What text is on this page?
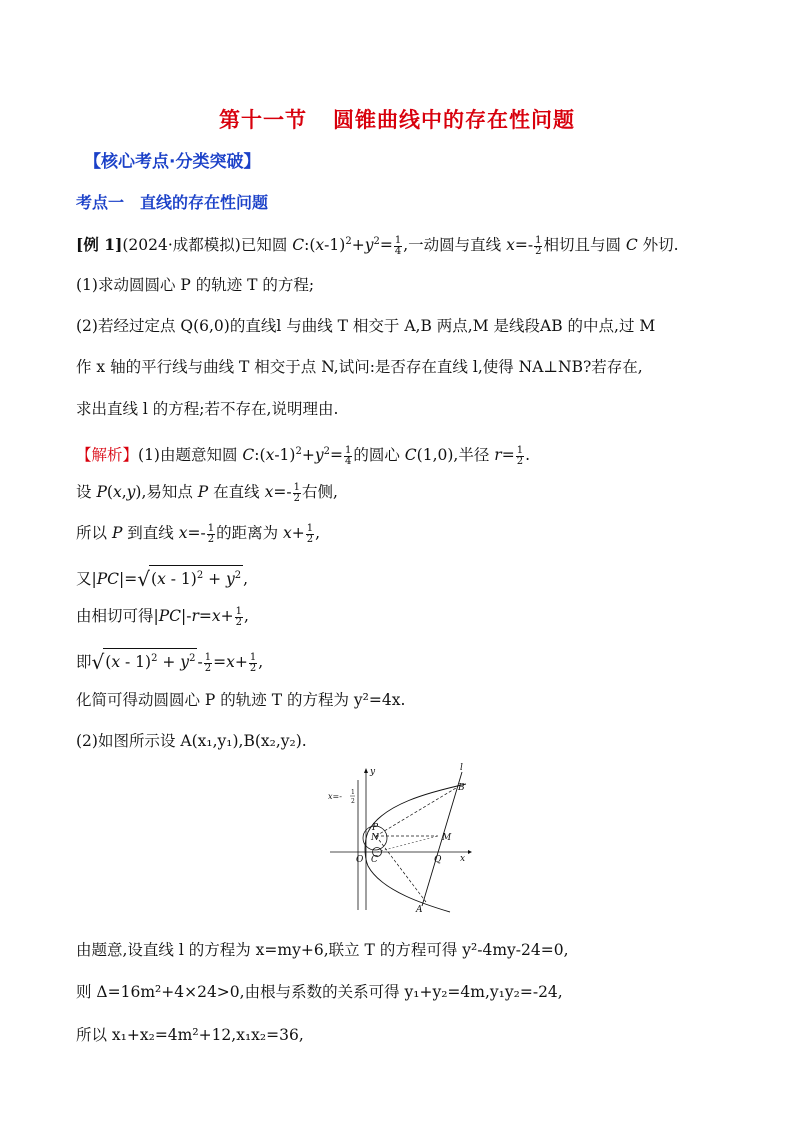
第十一节 圆锥曲线中的存在性问题
【核心考点·分类突破】
考点一 直线的存在性问题
[例 1](2024·成都模拟)已知圆 $C:(x-1)^2+y^2= \frac{1}{4}$ ,一动圆与直线 $x=- \frac{1}{2}$ 相切且与圆 C 外切.
(1)求动圆圆心 P 的轨迹 T 的方程;
(2)若经过定点 Q(6,0)的直线l 与曲线 T 相交于 A,B 两点,M 是线段AB 的中点,过 M
作 x 轴的平行线与曲线 T 相交于点 N,试问:是否存在直线 l,使得 NA⊥NB?若存在,
求出直线 l 的方程;若不存在,说明理由.
【解析】(1)由题意知圆 $C:(x-1)^2+y^2= \frac{1}{4}$ 的圆心 C(1,0),半径 $r= \frac{1}{2}$ .
设 P(x,y),易知点 P 在直线 $x=- \frac{1}{2}$ 右侧,
所以 P 到直线 $x=- \frac{1}{2}$ 的距离为 $x+ \frac{1}{2}$ ,
又$|PC|=√(x - 1)^2 + y^2$ ,
由相切可得$|PC|-r=x+ \frac{1}{2}$ ,
即$√(x - 1)^2 + y^2 - \frac{1}{2} =x+ \frac{1}{2}$ ,
化简可得动圆圆心 P 的轨迹 T 的方程为 y²=4x.
(2)如图所示设 A(x₁,y₁),B(x₂,y₂).
x
y
x=- 1
2
l
O C	Q
M
N
P
B
A
由题意,设直线 l 的方程为 x=my+6,联立 T 的方程可得 y²-4my-24=0,
则 Δ=16m²+4×24>0,由根与系数的关系可得 y₁+y₂=4m,y₁y₂=-24,
所以 x₁+x₂=4m²+12,x₁x₂=36,
